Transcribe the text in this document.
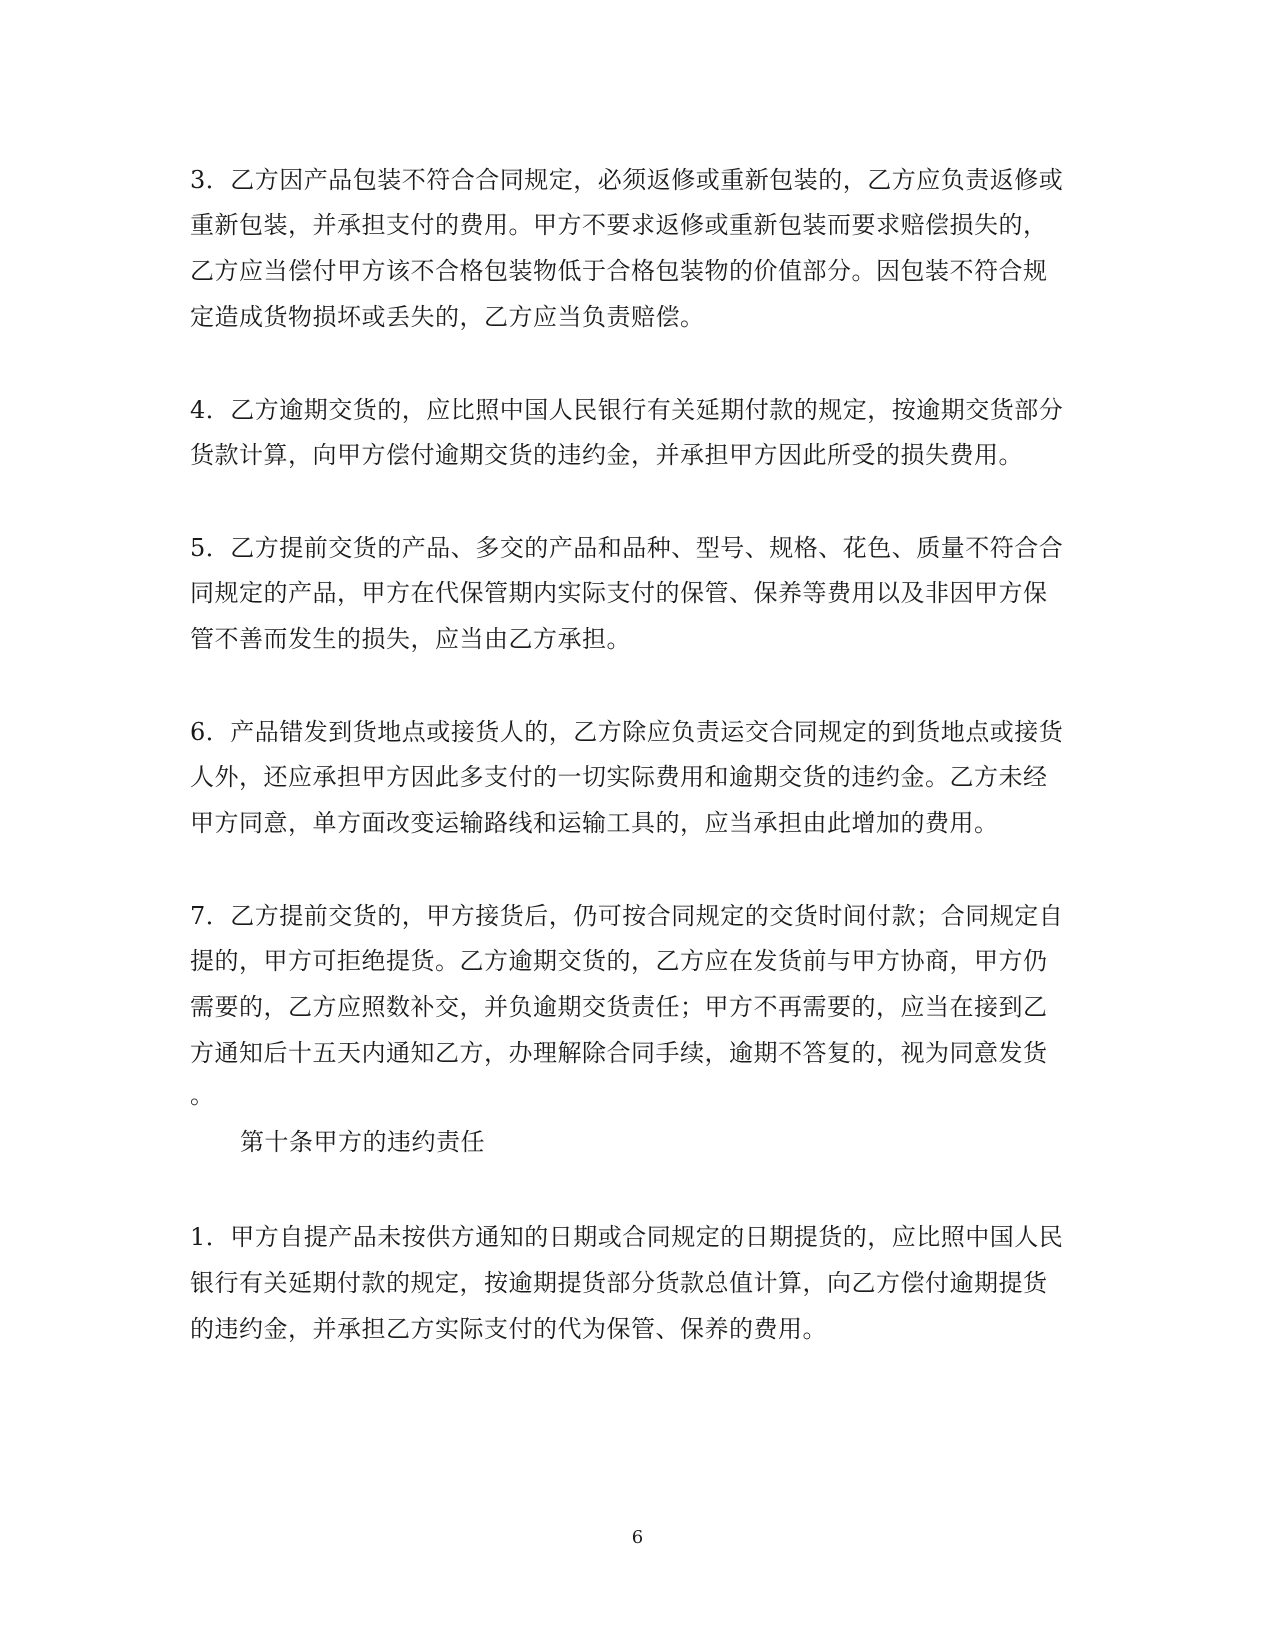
3．乙方因产品包装不符合合同规定，必须返修或重新包装的，乙方应负责返修或
重新包装，并承担支付的费用。甲方不要求返修或重新包装而要求赔偿损失的，
乙方应当偿付甲方该不合格包装物低于合格包装物的价值部分。因包装不符合规
定造成货物损坏或丢失的，乙方应当负责赔偿。
4．乙方逾期交货的，应比照中国人民银行有关延期付款的规定，按逾期交货部分
货款计算，向甲方偿付逾期交货的违约金，并承担甲方因此所受的损失费用。
5．乙方提前交货的产品、多交的产品和品种、型号、规格、花色、质量不符合合
同规定的产品，甲方在代保管期内实际支付的保管、保养等费用以及非因甲方保
管不善而发生的损失，应当由乙方承担。
6．产品错发到货地点或接货人的，乙方除应负责运交合同规定的到货地点或接货
人外，还应承担甲方因此多支付的一切实际费用和逾期交货的违约金。乙方未经
甲方同意，单方面改变运输路线和运输工具的，应当承担由此增加的费用。
7．乙方提前交货的，甲方接货后，仍可按合同规定的交货时间付款；合同规定自
提的，甲方可拒绝提货。乙方逾期交货的，乙方应在发货前与甲方协商，甲方仍
需要的，乙方应照数补交，并负逾期交货责任；甲方不再需要的，应当在接到乙
方通知后十五天内通知乙方，办理解除合同手续，逾期不答复的，视为同意发货
。
第十条甲方的违约责任
1．甲方自提产品未按供方通知的日期或合同规定的日期提货的，应比照中国人民
银行有关延期付款的规定，按逾期提货部分货款总值计算，向乙方偿付逾期提货
的违约金，并承担乙方实际支付的代为保管、保养的费用。
6
